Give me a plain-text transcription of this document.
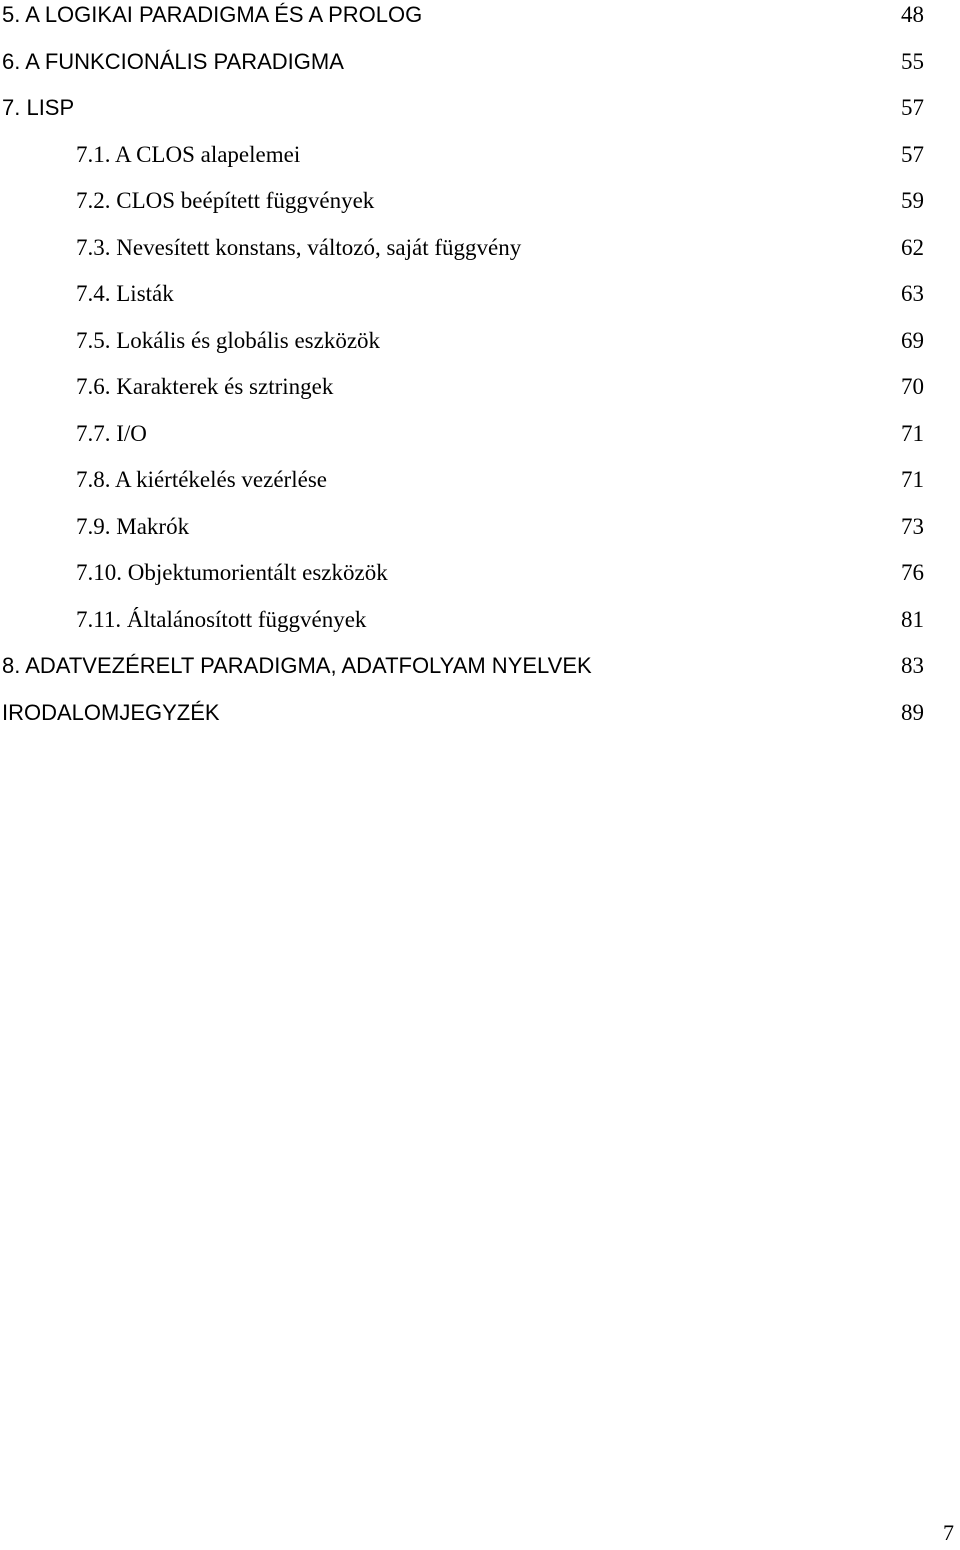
5. A LOGIKAI PARADIGMA ÉS A PROLOG	48
6. A FUNKCIONÁLIS PARADIGMA	55
7. LISP	57
7.1. A CLOS alapelemei	57
7.2. CLOS beépített függvények	59
7.3. Nevesített konstans, változó, saját függvény	62
7.4. Listák	63
7.5. Lokális és globális eszközök	69
7.6. Karakterek és sztringek	70
7.7. I/O	71
7.8. A kiértékelés vezérlése	71
7.9. Makrók	73
7.10. Objektumorientált eszközök	76
7.11. Általánosított függvények	81
8. ADATVEZÉRELT PARADIGMA, ADATFOLYAM NYELVEK	83
IRODALOMJEGYZÉK	89
7
